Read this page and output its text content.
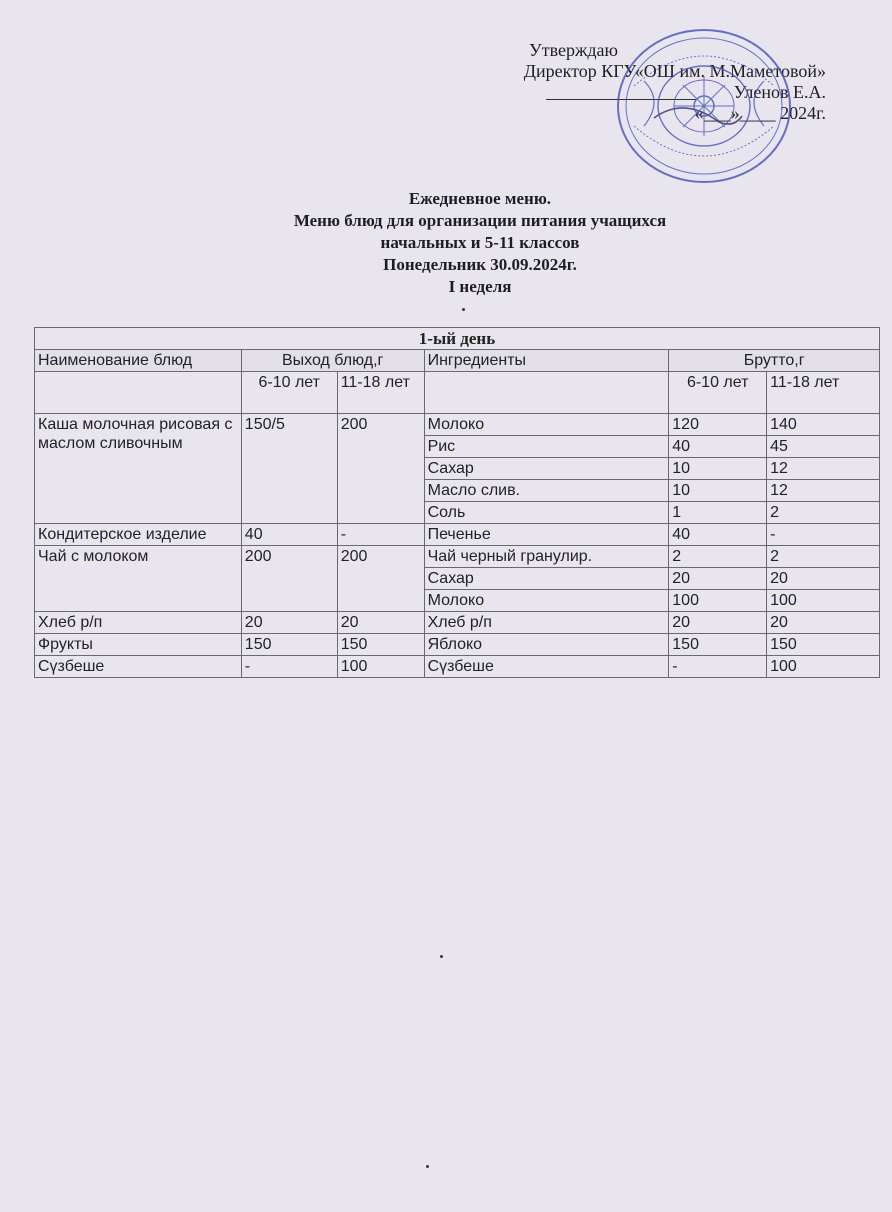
Утверждаю
Директор КГУ«ОШ им. М.Маметовой»
Уленов Е.А.
«___»____ 2024г.
Ежедневное меню.
Меню блюд для организации питания учащихся
начальных и 5-11 классов
Понедельник 30.09.2024г.
I неделя
1-ый день					
Наименование блюд	Выход блюд,г		Ингредиенты	Брутто,г	
	6-10 лет	11-18 лет		6-10 лет	11-18 лет
Каша молочная рисовая с маслом сливочным	150/5	200	Молоко	120	140
			Рис	40	45
			Сахар	10	12
			Масло слив.	10	12
			Соль	1	2
Кондитерское изделие	40	-	Печенье	40	-
Чай с молоком	200	200	Чай черный гранулир.	2	2
			Сахар	20	20
			Молоко	100	100
Хлеб р/п	20	20	Хлеб р/п	20	20
Фрукты	150	150	Яблоко	150	150
Сүзбеше	-	100	Сүзбеше	-	100
